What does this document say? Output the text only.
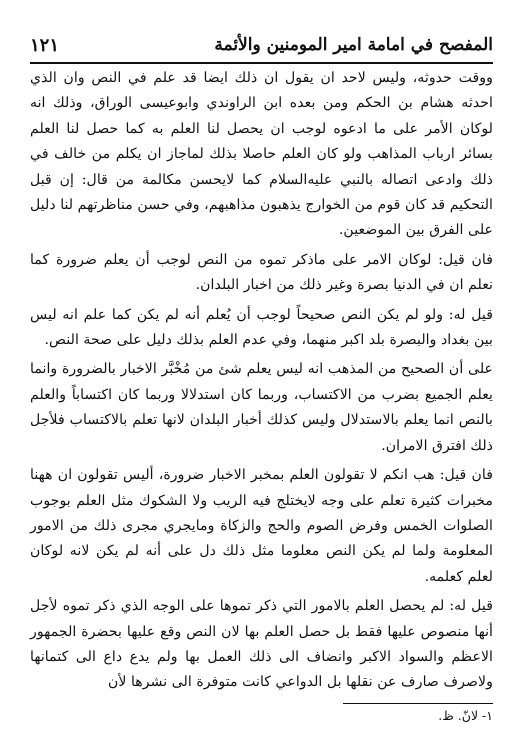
المفصح في امامة امير المومنين والأئمة
١٢١

ووقت حدوثه، وليس لاحد ان يقول ان ذلك ايضا قد علم في النص وان الذي احدثه هشام بن الحكم ومن بعده ابن الراوندي وابوعيسى الوراق، وذلك انه لوكان الأمر على ما ادعوه لوجب ان يحصل لنا العلم به كما حصل لنا العلم بسائر ارباب المذاهب ولو كان العلم حاصلا بذلك لماجاز ان يكلم من خالف في ذلك وادعى اتصاله بالنبي عليه‌السلام كما لايحسن مكالمة من قال: إن قبل التحكيم قد كان قوم من الخوارج يذهبون مذاهبهم، وفي حسن مناظرتهم لنا دليل على الفرق بين الموضعين.

فان قيل: لوكان الامر على ماذكر تموه من النص لوجب أن يعلم ضرورة كما نعلم ان في الدنيا بصرة وغير ذلك من اخبار البلدان.

قيل له: ولو لم يكن النص صحيحاً لوجب أن يُعلم أنه لم يكن كما علم انه ليس بين بغداد والبصرة بلد اكبر منهما، وفي عدم العلم بذلك دليل على صحة النص.

على أن الصحيح من المذهب انه ليس يعلم شئ من مُخْبَّر الاخبار بالضرورة وانما يعلم الجميع بضرب من الاكتساب، وربما كان استدلالا وربما كان اكتساباً والعلم بالنص انما يعلم بالاستدلال وليس كذلك أخبار البلدان لانها تعلم بالاكتساب فلأجل ذلك افترق الامران.

فان قيل: هب انكم لا تقولون العلم بمخبر الاخبار ضرورة، أليس تقولون ان ههنا مخبرات كثيرة تعلم على وجه لايختلج فيه الريب ولا الشكوك مثل العلم بوجوب الصلوات الخمس وفرض الصوم والحج والزكاة ومايجري مجرى ذلك من الامور المعلومة ولما لم يكن النص معلوما مثل ذلك دل على أنه لم يكن لانه لوكان لعلم كعلمه.

قيل له: لم يحصل العلم بالامور التي ذكر تموها على الوجه الذي ذكر تموه لأجل أنها منصوص عليها فقط بل حصل العلم بها لان النص وقع عليها بحضرة الجمهور الاعظم والسواد الاكبر وانضاف الى ذلك العمل بها ولم يدع داع الى كتمانها ولاصرف صارف عن نقلها بل الدواعي كانت متوفرة الى نشرها لأن

١- لانّ. ظ.
